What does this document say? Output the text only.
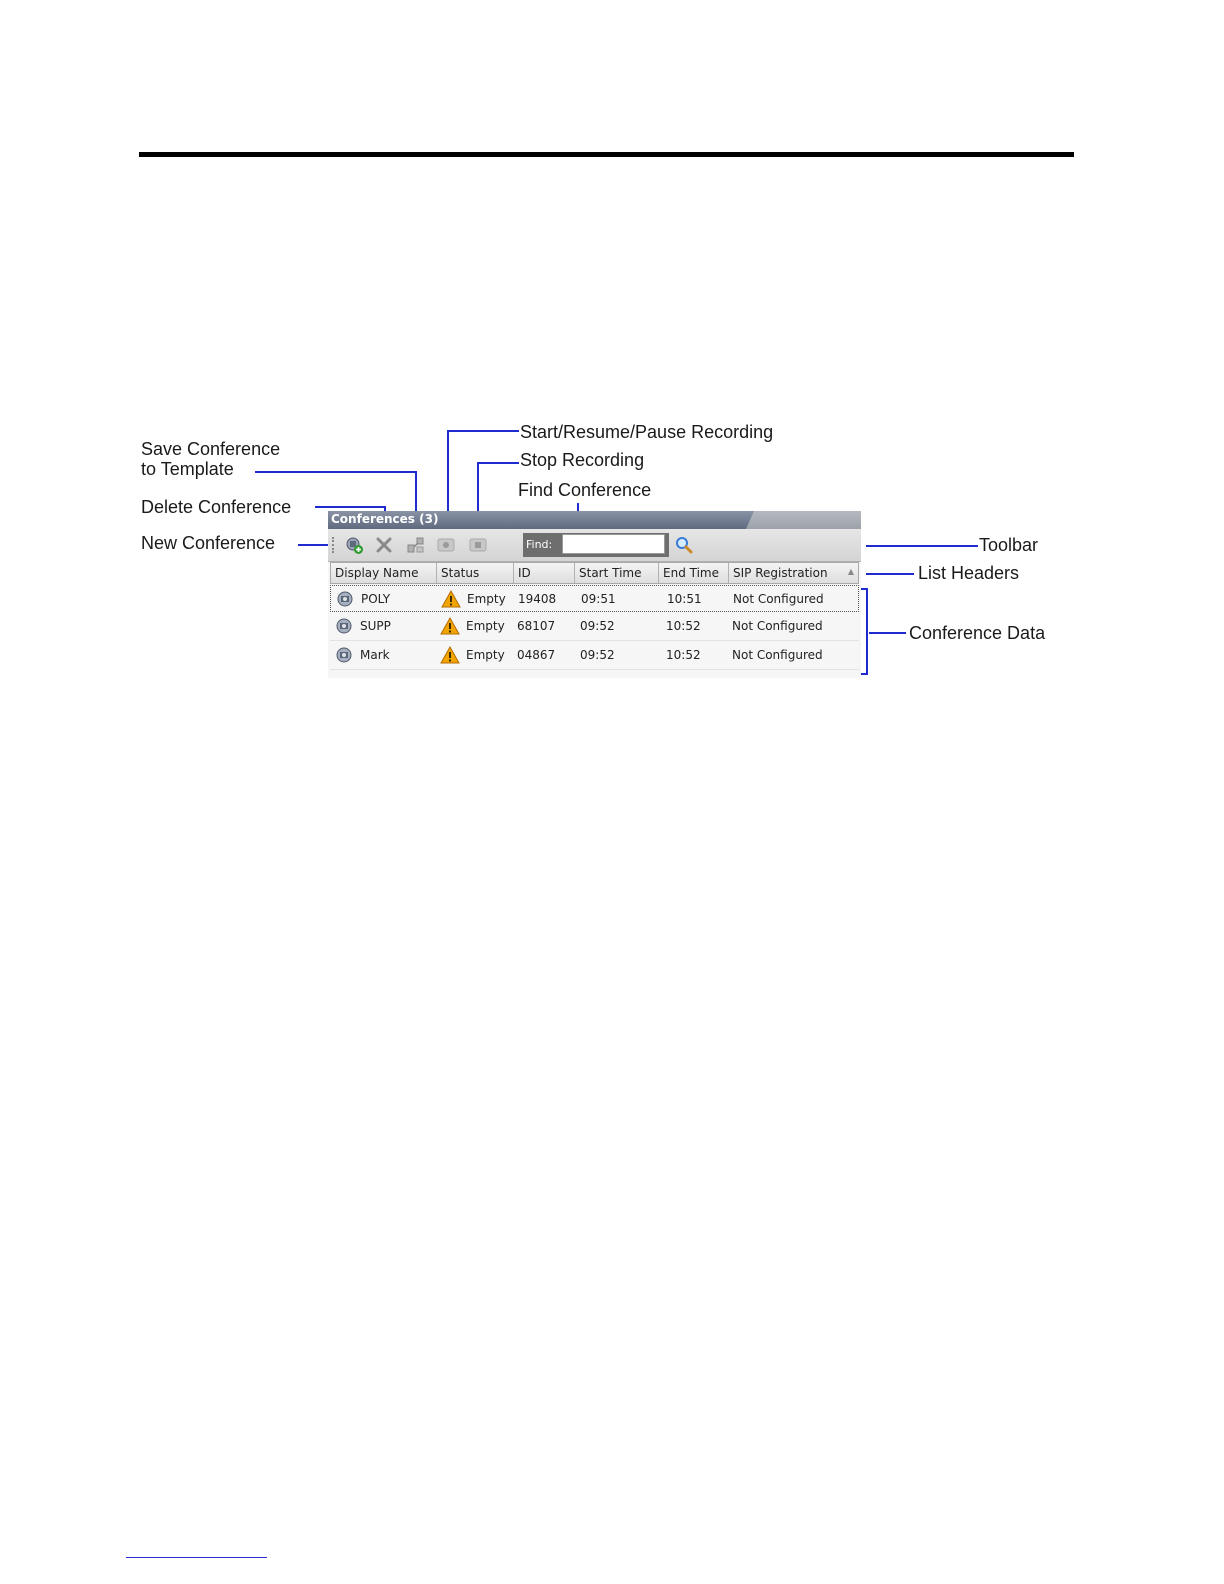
Save Conference
to Template
Delete Conference
New Conference
Start/Resume/Pause Recording
Stop Recording
Find Conference
Toolbar
List Headers
Conference Data
Conferences (3)
Find:
Display Name	Status	ID	Start Time	End Time	SIP Registration	▲
POLY	Empty	19408	09:51	10:51	Not Configured
SUPP	Empty	68107	09:52	10:52	Not Configured
Mark	Empty	04867	09:52	10:52	Not Configured
